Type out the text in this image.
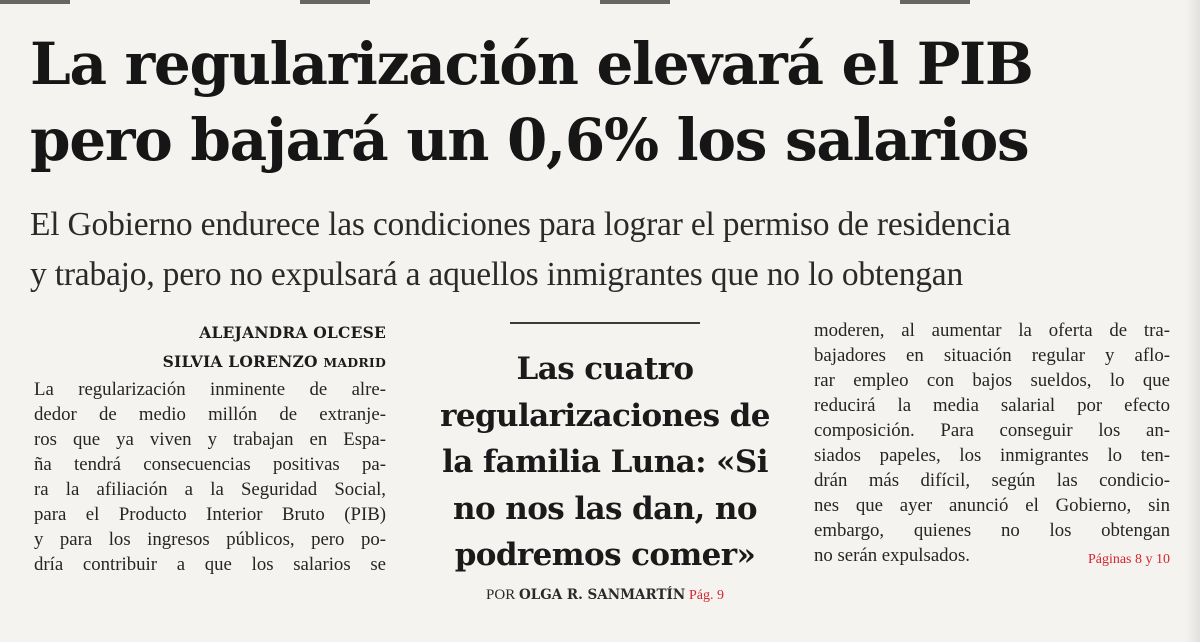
La regularización elevará el PIB
pero bajará un 0,6% los salarios

El Gobierno endurece las condiciones para lograr el permiso de residencia
y trabajo, pero no expulsará a aquellos inmigrantes que no lo obtengan

ALEJANDRA OLCESE
SILVIA LORENZO MADRID
La regularización inminente de alre-
dedor de medio millón de extranje-
ros que ya viven y trabajan en Espa-
ña tendrá consecuencias positivas pa-
ra la afiliación a la Seguridad Social,
para el Producto Interior Bruto (PIB)
y para los ingresos públicos, pero po-
dría contribuir a que los salarios se
Las cuatro
regularizaciones de
la familia Luna: «Si
no nos las dan, no
podremos comer»
POR OLGA R. SANMARTÍN Pág. 9
moderen, al aumentar la oferta de tra-
bajadores en situación regular y aflo-
rar empleo con bajos sueldos, lo que
reducirá la media salarial por efecto
composición. Para conseguir los an-
siados papeles, los inmigrantes lo ten-
drán más difícil, según las condicio-
nes que ayer anunció el Gobierno, sin
embargo, quienes no los obtengan
no serán expulsados.	Páginas 8 y 10
